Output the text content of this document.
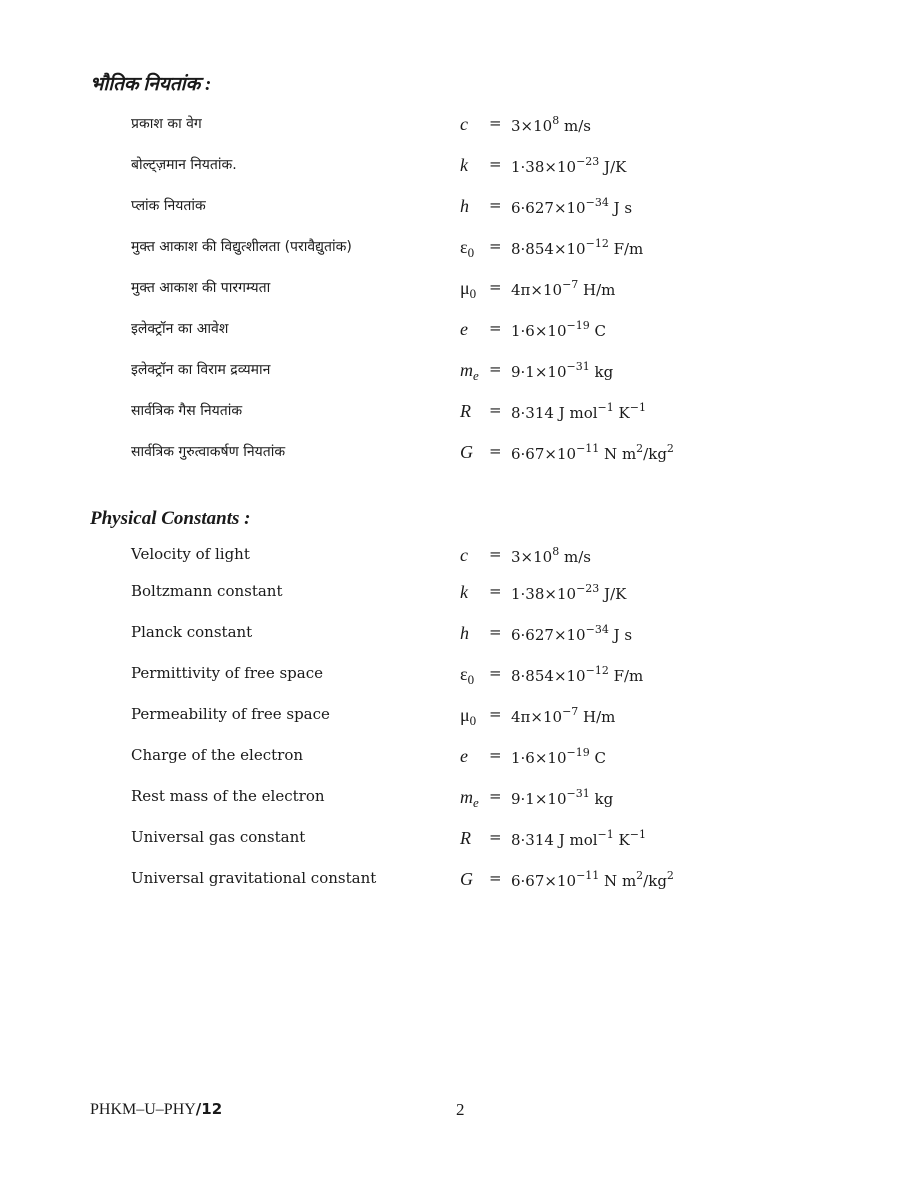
भौतिक नियतांक :
प्रकाश का वेग	$c = 3\times 10^8$ m/s
बोल्ट्ज़मान नियतांक.	$k = 1\cdot 38\times 10^{-23}$ J/K
प्लांक नियतांक	$h = 6\cdot 627\times 10^{-34}$ J s
मुक्त आकाश की विद्युत्शीलता (परावैद्युतांक)	$\varepsilon_0 = 8\cdot 854\times 10^{-12}$ F/m
मुक्त आकाश की पारगम्यता	$\mu_0 = 4\pi\times 10^{-7}$ H/m
इलेक्ट्रॉन का आवेश	$e = 1\cdot 6\times 10^{-19}$ C
इलेक्ट्रॉन का विराम द्रव्यमान	$m_e = 9\cdot 1\times 10^{-31}$ kg
सार्वत्रिक गैस नियतांक	R = 8·314 J mol$^{-1}$ $K^{-1}$
सार्वत्रिक गुरुत्वाकर्षण नियतांक	$G = 6\cdot 67\times 10^{-11}$ N $m^2/kg^2$
Physical Constants :
Velocity of light	$c = 3\times 10^8$ m/s
Boltzmann constant	$k = 1\cdot 38\times 10^{-23}$ J/K
Planck constant	$h = 6\cdot 627\times 10^{-34}$ J s
Permittivity of free space	$\varepsilon_0 = 8\cdot 854\times 10^{-12}$ F/m
Permeability of free space	$\mu_0 = 4\pi\times 10^{-7}$ H/m
Charge of the electron	$e = 1\cdot 6\times 10^{-19}$ C
Rest mass of the electron	$m_e = 9\cdot 1\times 10^{-31}$ kg
Universal gas constant	R = 8·314 J mol$^{-1}$ $K^{-1}$
Universal gravitational constant	$G = 6\cdot 67\times 10^{-11}$ N $m^2/kg^2$
PHKM–U–PHY/12	2
